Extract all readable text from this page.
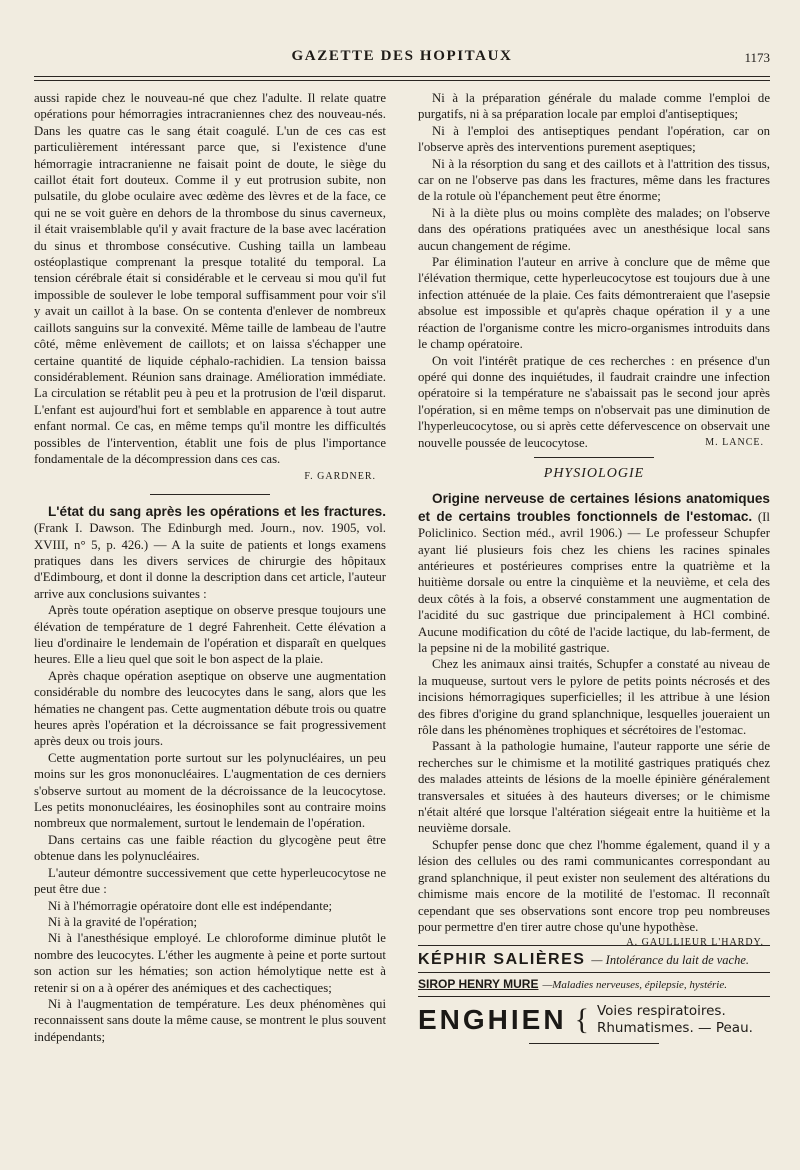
GAZETTE DES HOPITAUX	1173

aussi rapide chez le nouveau-né que chez l'adulte. Il relate quatre opérations pour hémorragies intracraniennes chez des nouveau-nés. Dans les quatre cas le sang était coagulé. L'un de ces cas est particulièrement intéressant parce que, si l'existence d'une hémorragie intracranienne ne faisait point de doute, le siège du caillot était fort douteux. Comme il y eut protrusion subite, non pulsatile, du globe oculaire avec œdème des lèvres et de la face, ce qui ne se voit guère en dehors de la thrombose du sinus caverneux, il était vraisemblable qu'il y avait fracture de la base avec lacération du sinus et thrombose consécutive. Cushing tailla un lambeau ostéoplastique comprenant la presque totalité du temporal. La tension cérébrale était si considérable et le cerveau si mou qu'il fut impossible de soulever le lobe temporal suffisamment pour voir s'il y avait un caillot à la base. On se contenta d'enlever de nombreux caillots sanguins sur la convexité. Même taille de lambeau de l'autre côté, même enlèvement de caillots; et on laissa s'échapper une certaine quantité de liquide céphalo-rachidien. La tension baissa considérablement. Réunion sans drainage. Amélioration immédiate. La circulation se rétablit peu à peu et la protrusion de l'œil disparut. L'enfant est aujourd'hui fort et semblable en apparence à tout autre enfant normal. Ce cas, en même temps qu'il montre les difficultés possibles de l'intervention, établit une fois de plus l'importance fondamentale de la décompression dans ces cas.

F. GARDNER.

L'état du sang après les opérations et les fractures. (Frank I. Dawson. The Edinburgh med. Journ., nov. 1905, vol. XVIII, n° 5, p. 426.) — A la suite de patients et longs examens pratiques dans les divers services de chirurgie des hôpitaux d'Edimbourg, et dont il donne la description dans cet article, l'auteur arrive aux conclusions suivantes :

Après toute opération aseptique on observe presque toujours une élévation de température de 1 degré Fahrenheit. Cette élévation a lieu d'ordinaire le lendemain de l'opération et disparaît en quelques heures. Elle a lieu quel que soit le bon aspect de la plaie.

Après chaque opération aseptique on observe une augmentation considérable du nombre des leucocytes dans le sang, alors que les hématies ne changent pas. Cette augmentation débute trois ou quatre heures après l'opération et la décroissance se fait progressivement après deux ou trois jours.

Cette augmentation porte surtout sur les polynucléaires, un peu moins sur les gros mononucléaires. L'augmentation de ces derniers s'observe surtout au moment de la décroissance de la leucocytose. Les petits mononucléaires, les éosinophiles sont au contraire moins nombreux que normalement, surtout le lendemain de l'opération.

Dans certains cas une faible réaction du glycogène peut être obtenue dans les polynucléaires.

L'auteur démontre successivement que cette hyperleucocytose ne peut être due :

Ni à l'hémorragie opératoire dont elle est indépendante;

Ni à la gravité de l'opération;

Ni à l'anesthésique employé. Le chloroforme diminue plutôt le nombre des leucocytes. L'éther les augmente à peine et porte surtout son action sur les hématies; son action hémolytique nette est à retenir si on a à opérer des anémiques et des cachectiques;

Ni à l'augmentation de température. Les deux phénomènes qui reconnaissent sans doute la même cause, se montrent le plus souvent indépendants;

Ni à la préparation générale du malade comme l'emploi de purgatifs, ni à sa préparation locale par emploi d'antiseptiques;

Ni à l'emploi des antiseptiques pendant l'opération, car on l'observe après des interventions purement aseptiques;

Ni à la résorption du sang et des caillots et à l'attrition des tissus, car on ne l'observe pas dans les fractures, même dans les fractures de la rotule où l'épanchement peut être énorme;

Ni à la diète plus ou moins complète des malades; on l'observe dans des opérations pratiquées avec un anesthésique local sans aucun changement de régime.

Par élimination l'auteur en arrive à conclure que de même que l'élévation thermique, cette hyperleucocytose est toujours due à une infection atténuée de la plaie. Ces faits démontreraient que l'asepsie absolue est impossible et qu'après chaque opération il y a une réaction de l'organisme contre les micro-organismes introduits dans le champ opératoire.

On voit l'intérêt pratique de ces recherches : en présence d'un opéré qui donne des inquiétudes, il faudrait craindre une infection opératoire si la température ne s'abaissait pas le second jour après l'opération, si en même temps on n'observait pas une diminution de l'hyperleucocytose, ou si après cette défervescence on observait une nouvelle poussée de leucocytose.	M. LANCE.

PHYSIOLOGIE

Origine nerveuse de certaines lésions anatomiques et de certains troubles fonctionnels de l'estomac. (Il Policlinico. Section méd., avril 1906.) — Le professeur Schupfer ayant lié plusieurs fois chez les chiens les racines spinales antérieures et postérieures comprises entre la quatrième et la huitième dorsale ou entre la cinquième et la neuvième, et cela des deux côtés à la fois, a observé constamment une augmentation de l'acidité du suc gastrique due principalement à HCl combiné. Aucune modification du côté de l'acide lactique, du lab-ferment, de la pepsine ni de la mobilité gastrique.

Chez les animaux ainsi traités, Schupfer a constaté au niveau de la muqueuse, surtout vers le pylore de petits points nécrosés et des incisions hémorragiques superficielles; il les attribue à une lésion des fibres d'origine du grand splanchnique, lesquelles joueraient un rôle dans les phénomènes trophiques et sécrétoires de l'estomac.

Passant à la pathologie humaine, l'auteur rapporte une série de recherches sur le chimisme et la motilité gastriques pratiqués chez des malades atteints de lésions de la moelle épinière généralement transversales et situées à des hauteurs diverses; or le chimisme n'était altéré que lorsque l'altération siégeait entre la huitième et la neuvième dorsale.

Schupfer pense donc que chez l'homme également, quand il y a lésion des cellules ou des rami communicantes correspondant au grand splanchnique, il peut exister non seulement des altérations du chimisme mais encore de la motilité de l'estomac. Il reconnaît cependant que ses observations sont encore trop peu nombreuses pour permettre d'en tirer autre chose qu'une hypothèse.
A. GAULLIEUR L'HARDY.

KÉPHIR SALIÈRES — Intolérance du lait de vache.
SIROP HENRY MURE —Maladies nerveuses, épilepsie, hystérie.
ENGHIEN { Voies respiratoires.
Rhumatismes. — Peau.
